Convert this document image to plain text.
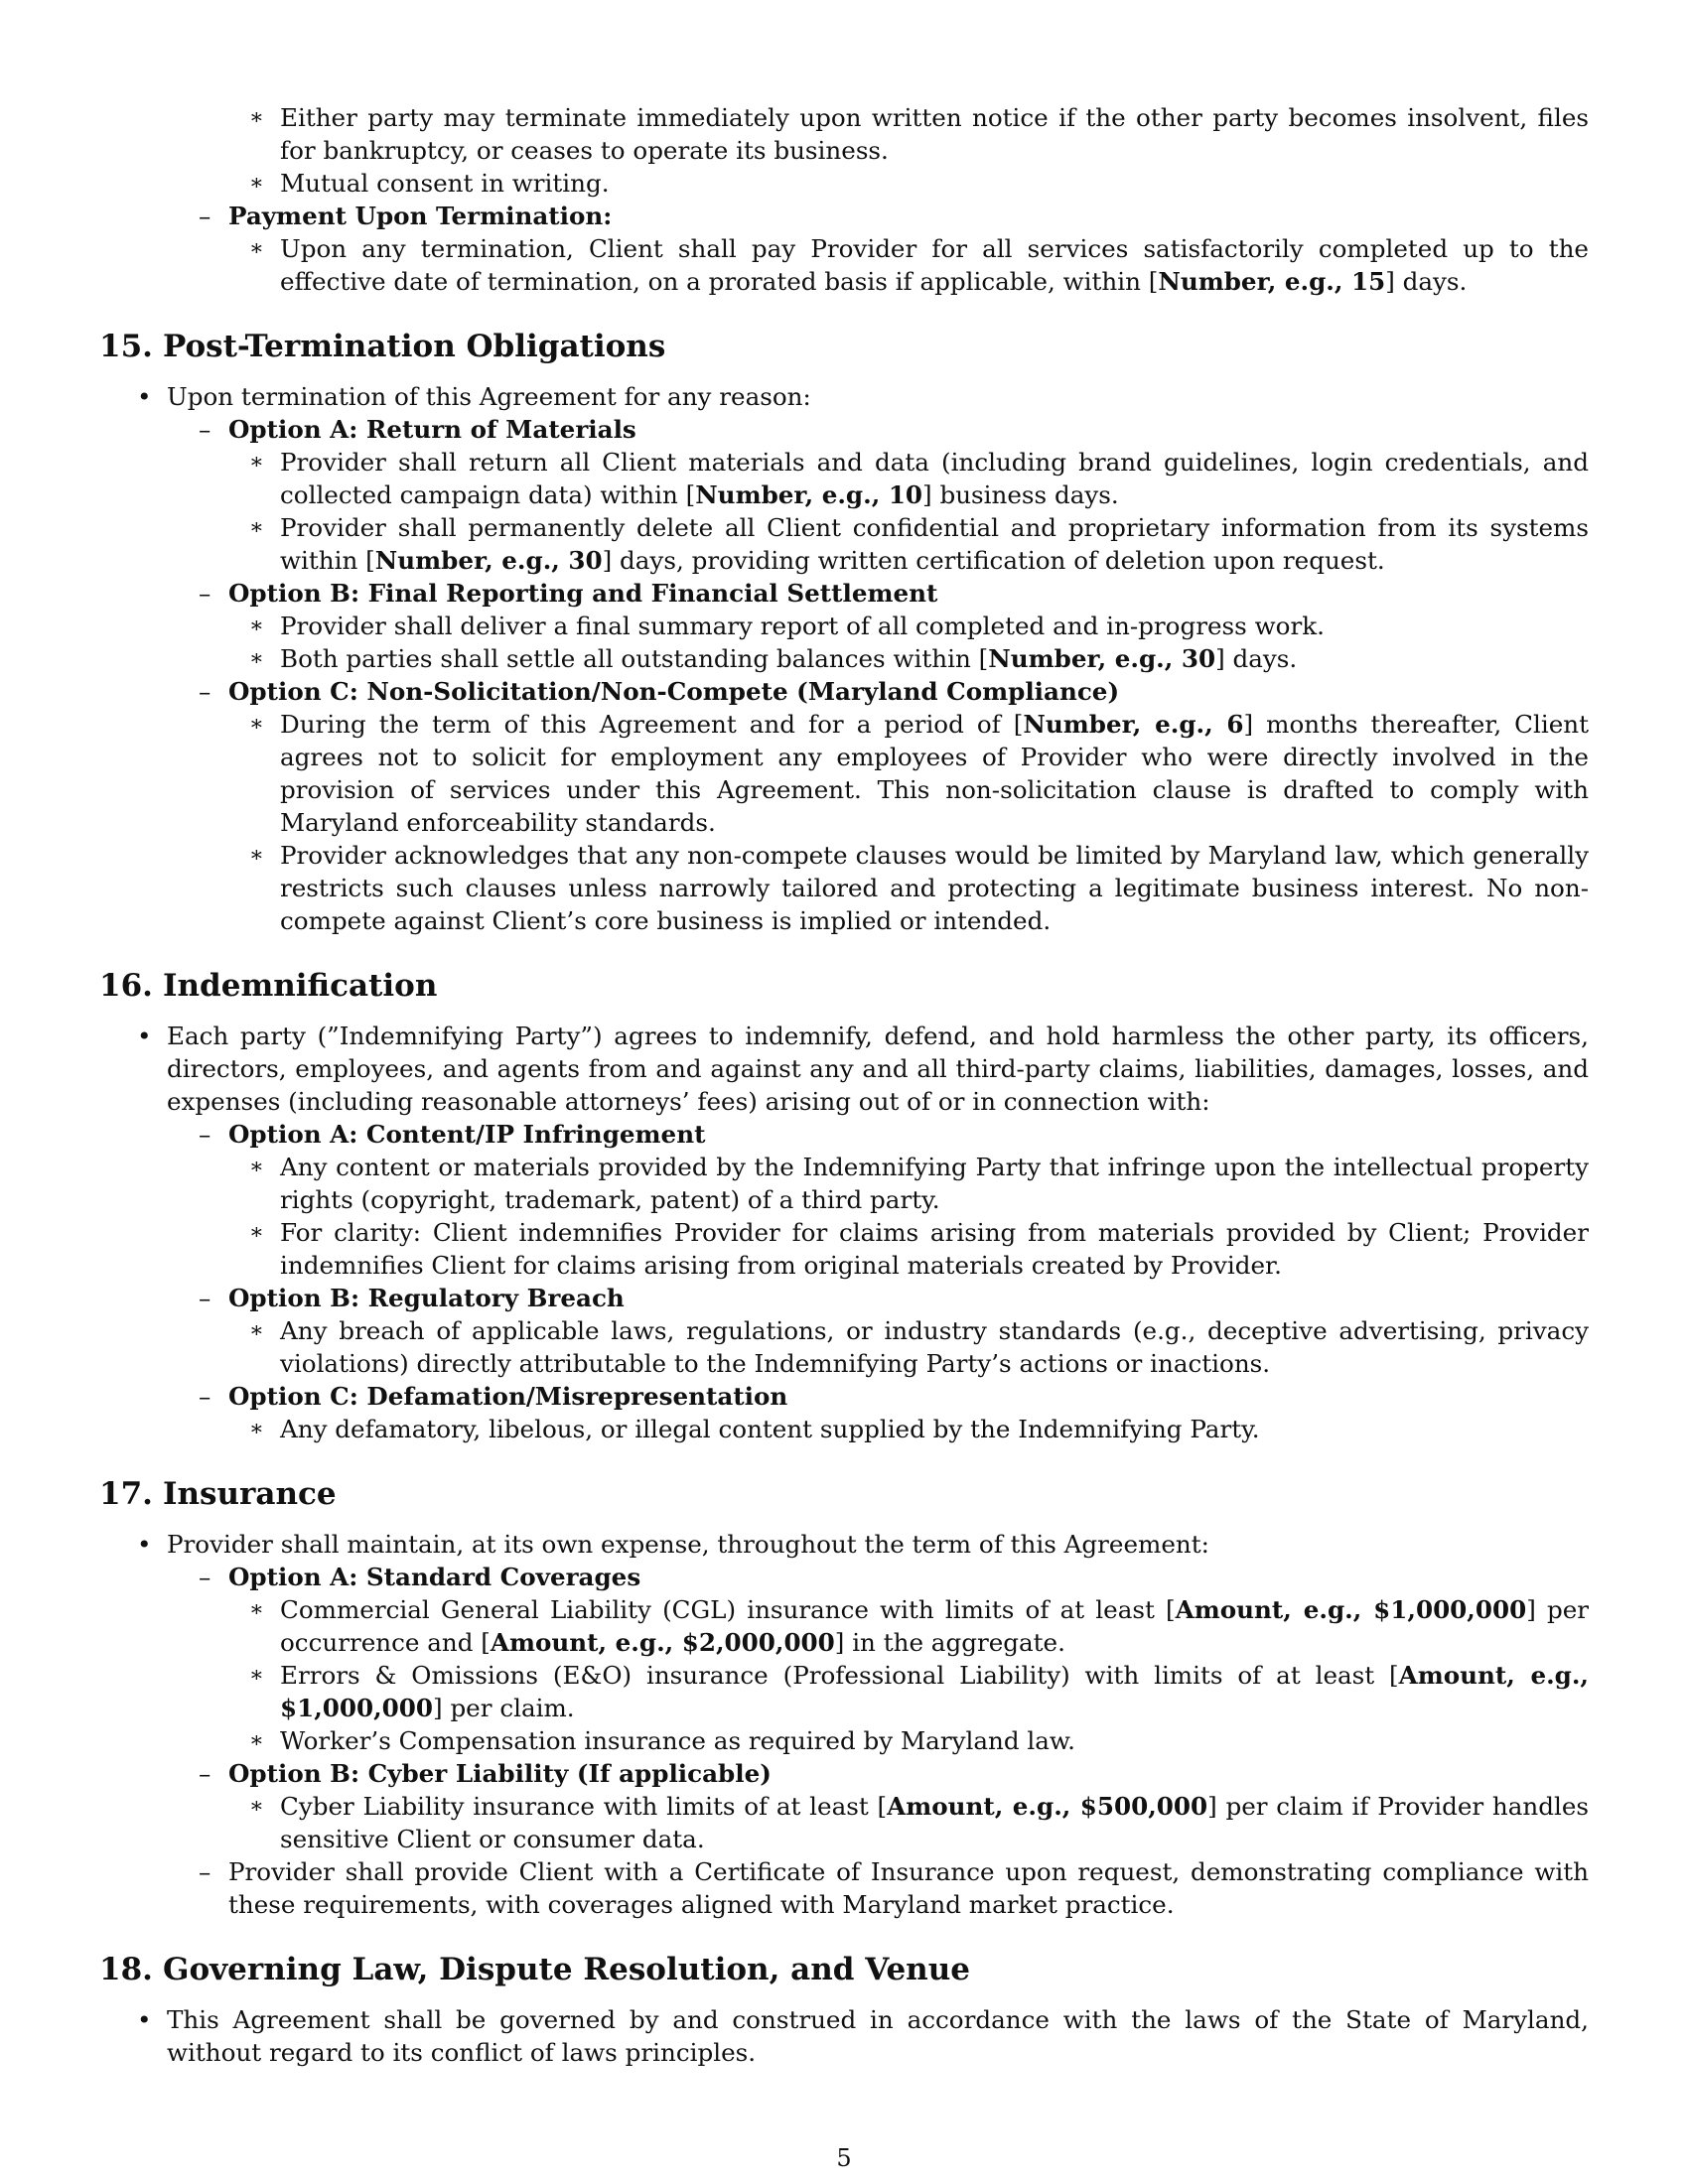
∗ Either party may terminate immediately upon written notice if the other party becomes insolvent, files for bankruptcy, or ceases to operate its business.
∗ Mutual consent in writing.
– Payment Upon Termination:
∗ Upon any termination, Client shall pay Provider for all services satisfactorily completed up to the effective date of termination, on a prorated basis if applicable, within [Number, e.g., 15] days.
15. Post-Termination Obligations
• Upon termination of this Agreement for any reason:
– Option A: Return of Materials
∗ Provider shall return all Client materials and data (including brand guidelines, login credentials, and collected campaign data) within [Number, e.g., 10] business days.
∗ Provider shall permanently delete all Client confidential and proprietary information from its systems within [Number, e.g., 30] days, providing written certification of deletion upon request.
– Option B: Final Reporting and Financial Settlement
∗ Provider shall deliver a final summary report of all completed and in-progress work.
∗ Both parties shall settle all outstanding balances within [Number, e.g., 30] days.
– Option C: Non-Solicitation/Non-Compete (Maryland Compliance)
∗ During the term of this Agreement and for a period of [Number, e.g., 6] months thereafter, Client agrees not to solicit for employment any employees of Provider who were directly involved in the provision of services under this Agreement. This non-solicitation clause is drafted to comply with Maryland enforceability standards.
∗ Provider acknowledges that any non-compete clauses would be limited by Maryland law, which generally restricts such clauses unless narrowly tailored and protecting a legitimate business interest. No non-compete against Client’s core business is implied or intended.
16. Indemnification
• Each party (”Indemnifying Party”) agrees to indemnify, defend, and hold harmless the other party, its officers, directors, employees, and agents from and against any and all third-party claims, liabilities, damages, losses, and expenses (including reasonable attorneys’ fees) arising out of or in connection with:
– Option A: Content/IP Infringement
∗ Any content or materials provided by the Indemnifying Party that infringe upon the intellectual property rights (copyright, trademark, patent) of a third party.
∗ For clarity: Client indemnifies Provider for claims arising from materials provided by Client; Provider indemnifies Client for claims arising from original materials created by Provider.
– Option B: Regulatory Breach
∗ Any breach of applicable laws, regulations, or industry standards (e.g., deceptive advertising, privacy violations) directly attributable to the Indemnifying Party’s actions or inactions.
– Option C: Defamation/Misrepresentation
∗ Any defamatory, libelous, or illegal content supplied by the Indemnifying Party.
17. Insurance
• Provider shall maintain, at its own expense, throughout the term of this Agreement:
– Option A: Standard Coverages
∗ Commercial General Liability (CGL) insurance with limits of at least [Amount, e.g., $1,000,000] per occurrence and [Amount, e.g., $2,000,000] in the aggregate.
∗ Errors & Omissions (E&O) insurance (Professional Liability) with limits of at least [Amount, e.g., $1,000,000] per claim.
∗ Worker’s Compensation insurance as required by Maryland law.
– Option B: Cyber Liability (If applicable)
∗ Cyber Liability insurance with limits of at least [Amount, e.g., $500,000] per claim if Provider handles sensitive Client or consumer data.
– Provider shall provide Client with a Certificate of Insurance upon request, demonstrating compliance with these requirements, with coverages aligned with Maryland market practice.
18. Governing Law, Dispute Resolution, and Venue
• This Agreement shall be governed by and construed in accordance with the laws of the State of Maryland, without regard to its conflict of laws principles.
5
